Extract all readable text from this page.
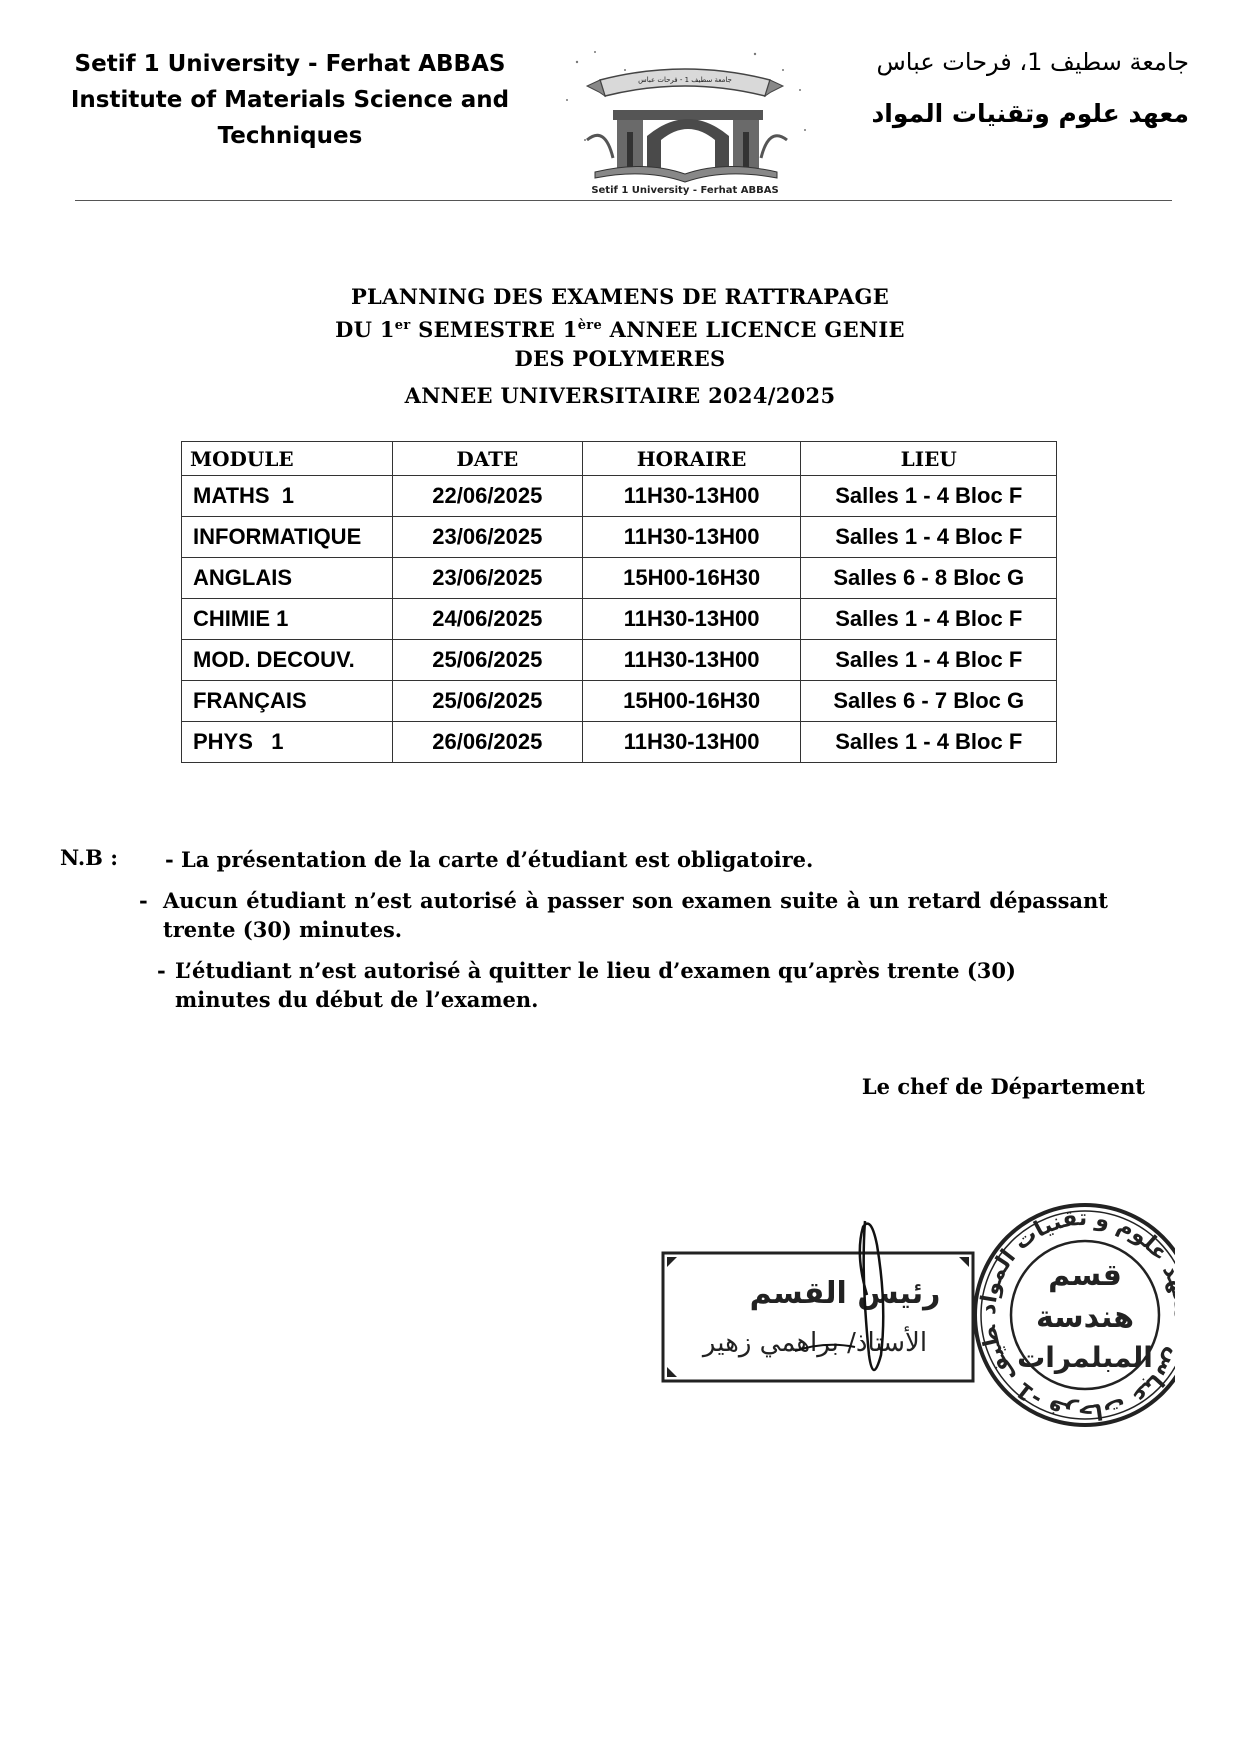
Setif 1 University - Ferhat ABBAS
Institute of Materials Science and
Techniques
جامعة سطيف 1 - فرحات عباس
Setif 1 University - Ferhat ABBAS
جامعة سطيف 1، فرحات عباس
معهد علوم وتقنيات المواد
PLANNING DES EXAMENS DE RATTRAPAGE
DU 1er SEMESTRE 1ère ANNEE LICENCE GENIE
DES POLYMERES
ANNEE UNIVERSITAIRE 2024/2025
MODULE	DATE	HORAIRE	LIEU
MATHS  1	22/06/2025	11H30-13H00	Salles 1 - 4 Bloc F
INFORMATIQUE	23/06/2025	11H30-13H00	Salles 1 - 4 Bloc F
ANGLAIS	23/06/2025	15H00-16H30	Salles 6 - 8 Bloc G
CHIMIE 1	24/06/2025	11H30-13H00	Salles 1 - 4 Bloc F
MOD. DECOUV.	25/06/2025	11H30-13H00	Salles 1 - 4 Bloc F
FRANÇAIS	25/06/2025	15H00-16H30	Salles 6 - 7 Bloc G
PHYS   1	26/06/2025	11H30-13H00	Salles 1 - 4 Bloc F
N.B : - La présentation de la carte d’étudiant est obligatoire.
- Aucun étudiant n’est autorisé à passer son examen suite à un retard dépassant trente (30) minutes.
- L’étudiant n’est autorisé à quitter le lieu d’examen qu’après trente (30) minutes du début de l’examen.
Le chef de Département
رئيس القسم
الأستاذ/ براهمي زهير	طيف 1- فرحات عبا علوم و تقنيات المواد
قسم
هندسة
المبلمرات
